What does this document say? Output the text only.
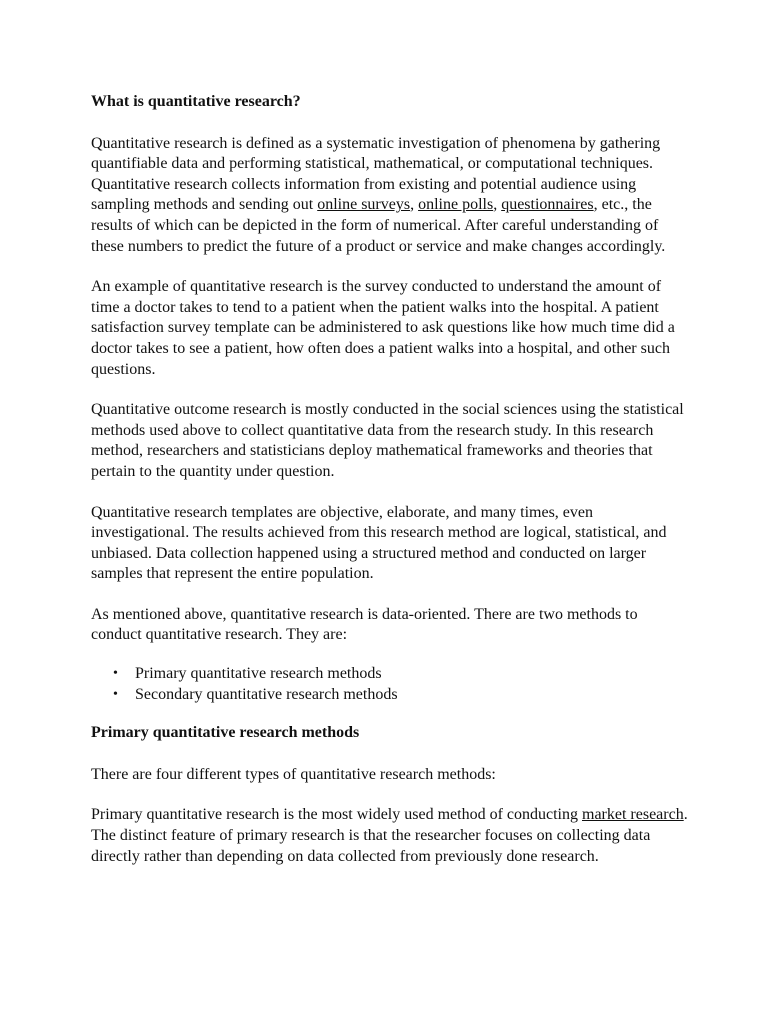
What is quantitative research?

Quantitative research is defined as a systematic investigation of phenomena by gathering quantifiable data and performing statistical, mathematical, or computational techniques. Quantitative research collects information from existing and potential audience using sampling methods and sending out online surveys, online polls, questionnaires, etc., the results of which can be depicted in the form of numerical. After careful understanding of these numbers to predict the future of a product or service and make changes accordingly.

An example of quantitative research is the survey conducted to understand the amount of time a doctor takes to tend to a patient when the patient walks into the hospital. A patient satisfaction survey template can be administered to ask questions like how much time did a doctor takes to see a patient, how often does a patient walks into a hospital, and other such questions.

Quantitative outcome research is mostly conducted in the social sciences using the statistical methods used above to collect quantitative data from the research study. In this research method, researchers and statisticians deploy mathematical frameworks and theories that pertain to the quantity under question.

Quantitative research templates are objective, elaborate, and many times, even investigational. The results achieved from this research method are logical, statistical, and unbiased. Data collection happened using a structured method and conducted on larger samples that represent the entire population.

As mentioned above, quantitative research is data-oriented. There are two methods to conduct quantitative research. They are:

• Primary quantitative research methods
• Secondary quantitative research methods
Primary quantitative research methods

There are four different types of quantitative research methods:

Primary quantitative research is the most widely used method of conducting market research. The distinct feature of primary research is that the researcher focuses on collecting data directly rather than depending on data collected from previously done research.
